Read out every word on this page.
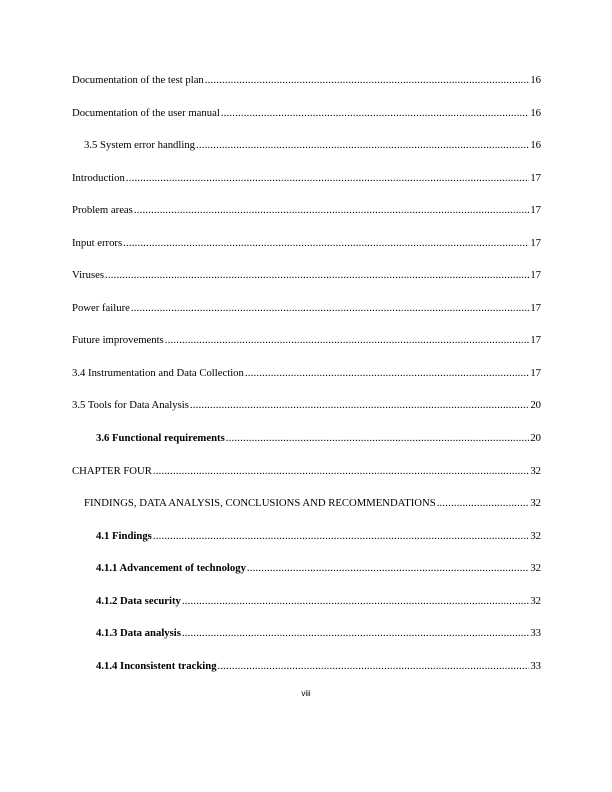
Documentation of the test plan .....	16
Documentation of the user manual .....	16
3.5 System error handling .....	16
Introduction .....	17
Problem areas .....	17
Input errors .....	17
Viruses .....	17
Power failure .....	17
Future improvements .....	17
3.4 Instrumentation and Data Collection .....	17
3.5 Tools for Data Analysis .....	20
3.6 Functional requirements .....	20
CHAPTER FOUR .....	32
FINDINGS, DATA ANALYSIS, CONCLUSIONS AND RECOMMENDATIONS .....	32
4.1 Findings .....	32
4.1.1 Advancement of technology .....	32
4.1.2 Data security .....	32
4.1.3 Data analysis .....	33
4.1.4 Inconsistent tracking .....	33
viii
